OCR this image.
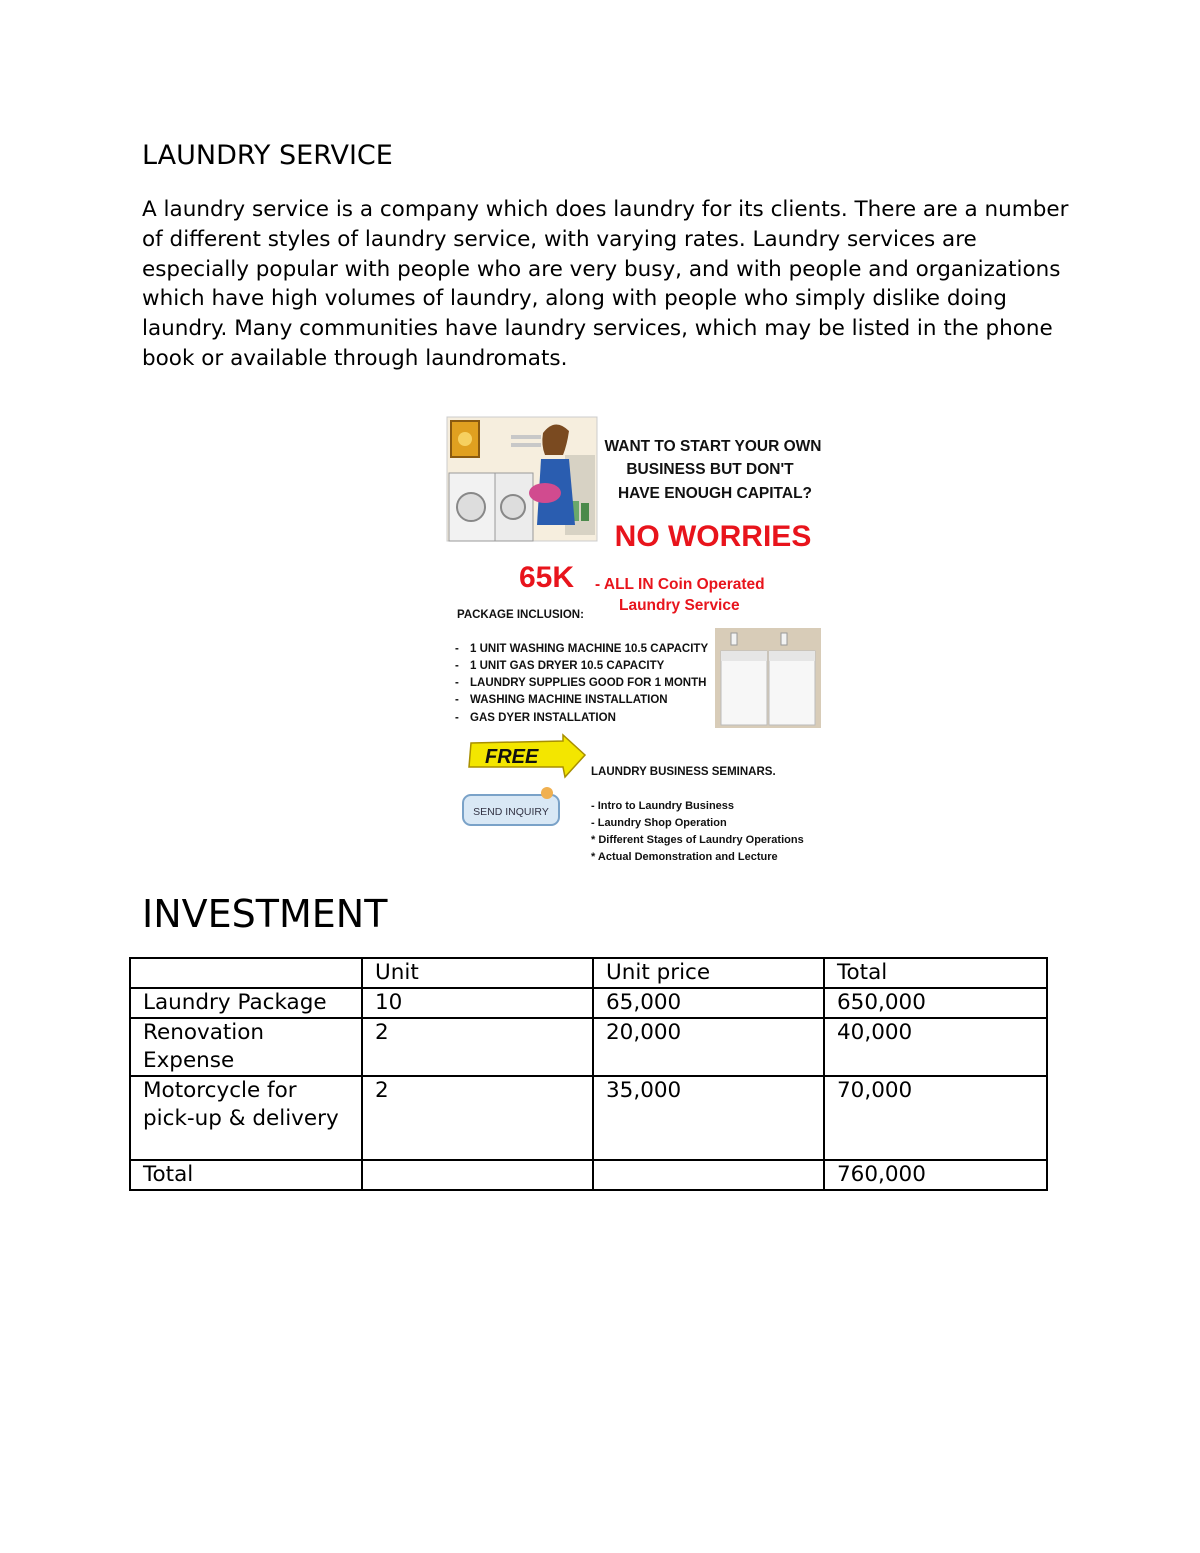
LAUNDRY SERVICE

A laundry service is a company which does laundry for its clients. There are a number of different styles of laundry service, with varying rates. Laundry services are especially popular with people who are very busy, and with people and organizations which have high volumes of laundry, along with people who simply dislike doing laundry. Many communities have laundry services, which may be listed in the phone book or available through laundromats.

WANT TO START YOUR OWN
BUSINESS BUT DON'T
HAVE ENOUGH CAPITAL?
NO WORRIES
65K - ALL IN Coin Operated
Laundry Service
PACKAGE INCLUSION:
- 1 UNIT WASHING MACHINE 10.5 CAPACITY
- 1 UNIT GAS DRYER 10.5 CAPACITY
- LAUNDRY SUPPLIES GOOD FOR 1 MONTH
- WASHING MACHINE INSTALLATION
- GAS DYER INSTALLATION
FREE
LAUNDRY BUSINESS SEMINARS.
SEND INQUIRY	- Intro to Laundry Business
- Laundry Shop Operation
* Different Stages of Laundry Operations
* Actual Demonstration and Lecture
INVESTMENT
	Unit	Unit price	Total
Laundry Package	10	65,000	650,000
Renovation Expense	2	20,000	40,000
Motorcycle for pick-up & delivery	2	35,000	70,000
Total			760,000
